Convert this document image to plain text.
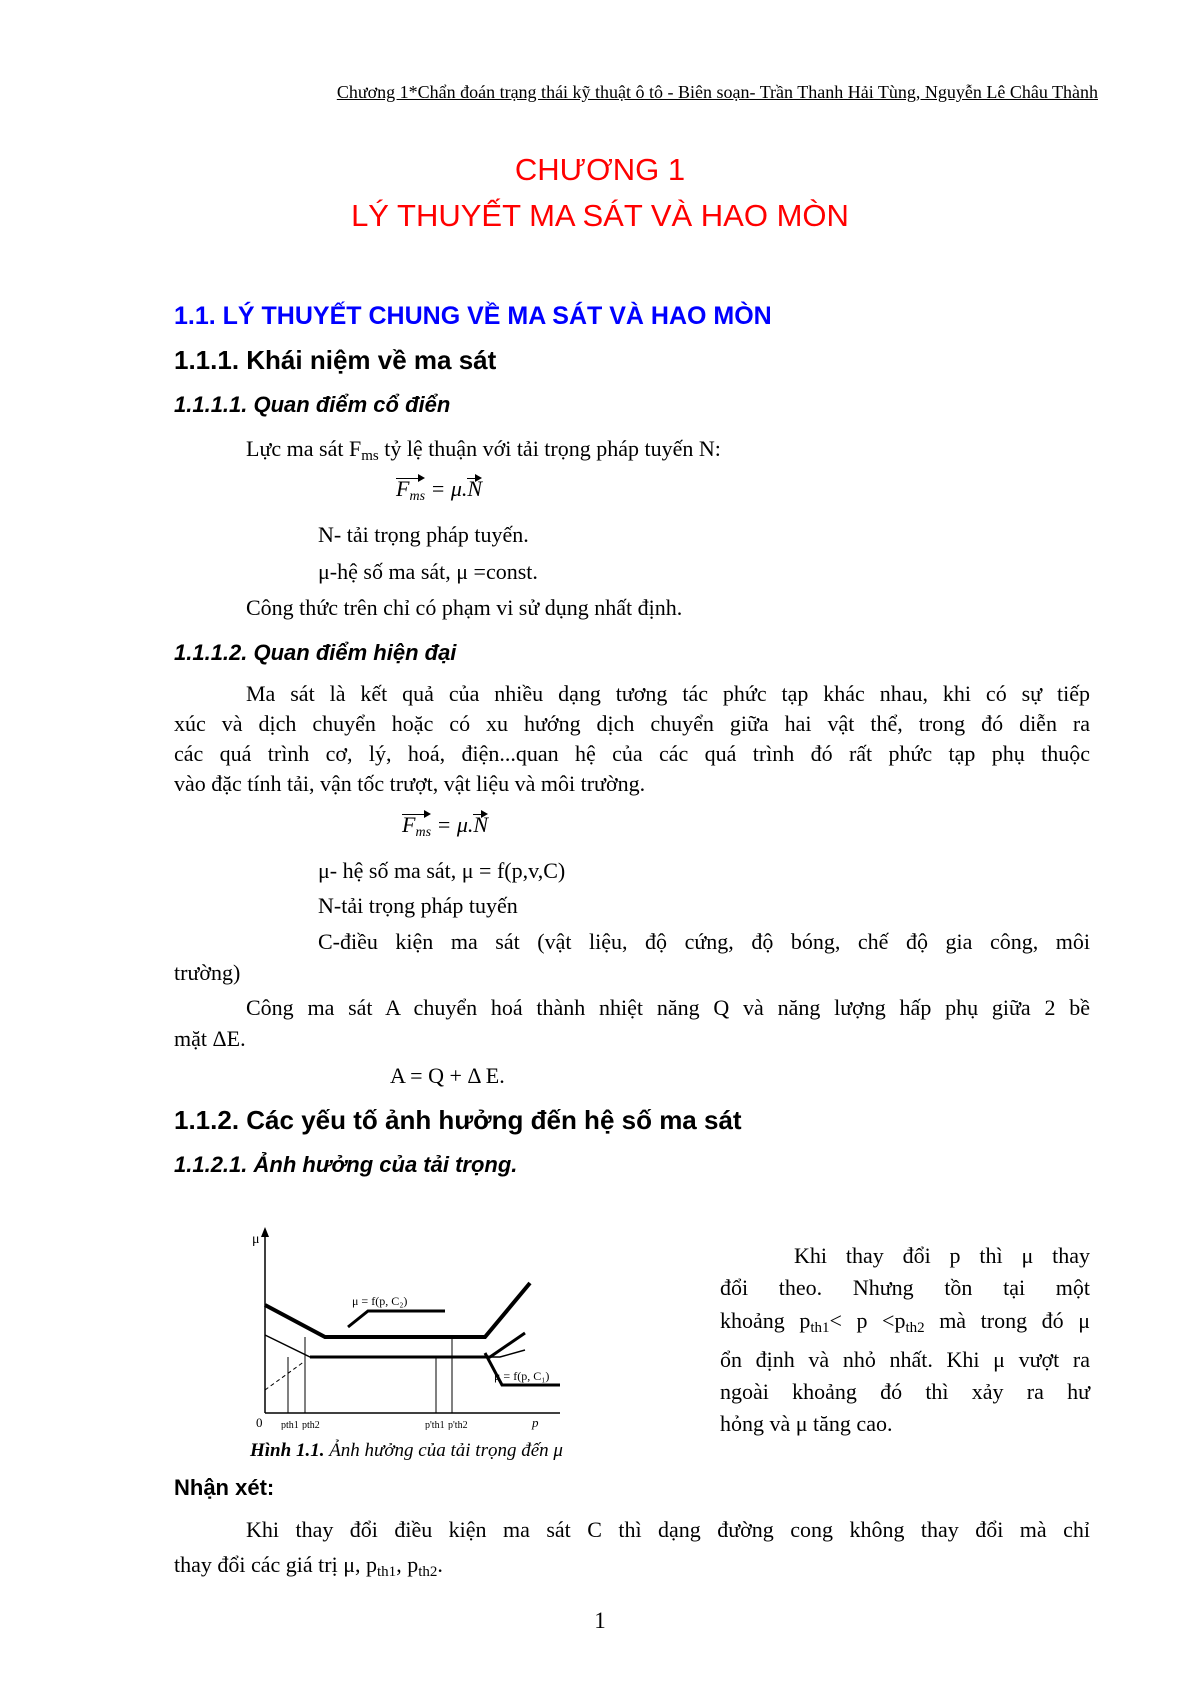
Chương 1*Chẩn đoán trạng thái kỹ thuật ô tô - Biên soạn- Trần Thanh Hải Tùng, Nguyễn Lê Châu Thành
CHƯƠNG 1
LÝ THUYẾT MA SÁT VÀ HAO MÒN
1.1. LÝ THUYẾT CHUNG VỀ MA SÁT VÀ HAO MÒN
1.1.1. Khái niệm về ma sát
1.1.1.1. Quan điểm cổ điển
Lực ma sát Fms tỷ lệ thuận với tải trọng pháp tuyến N:
$F_{ms} = \mu.N$
N- tải trọng pháp tuyến.
μ-hệ số ma sát, μ =const.
Công thức trên chỉ có phạm vi sử dụng nhất định.
1.1.1.2. Quan điểm hiện đại
Ma sát là kết quả của nhiều dạng tương tác phức tạp khác nhau, khi có sự tiếp
xúc và dịch chuyển hoặc có xu hướng dịch chuyển giữa hai vật thể, trong đó diễn ra
các quá trình cơ, lý, hoá, điện...quan hệ của các quá trình đó rất phức tạp phụ thuộc
vào đặc tính tải, vận tốc trượt, vật liệu và môi trường.
$F_{ms} = \mu.N$
μ- hệ số ma sát, μ = f(p,v,C)
N-tải trọng pháp tuyến
C-điều kiện ma sát (vật liệu, độ cứng, độ bóng, chế độ gia công, môi
trường)
Công ma sát A chuyển hoá thành nhiệt năng Q và năng lượng hấp phụ giữa 2 bề
mặt ΔE.
A = Q + Δ E.
1.1.2. Các yếu tố ảnh hưởng đến hệ số ma sát
1.1.2.1. Ảnh hưởng của tải trọng.
μ
0	p
μ = f(p, C₂)
μ = f(p, C₁)
pth1 pth2	p'th1 p'th2
Hình 1.1. Ảnh hưởng của tải trọng đến μ
Khi thay đổi p thì μ thay
đổi theo. Nhưng tồn tại một
khoảng pth1< p <pth2 mà trong đó μ
ổn định và nhỏ nhất. Khi μ vượt ra
ngoài khoảng đó thì xảy ra hư
hỏng và μ tăng cao.
Nhận xét:
Khi thay đổi điều kiện ma sát C thì dạng đường cong không thay đổi mà chỉ
thay đổi các giá trị μ, pth1, pth2.
1
